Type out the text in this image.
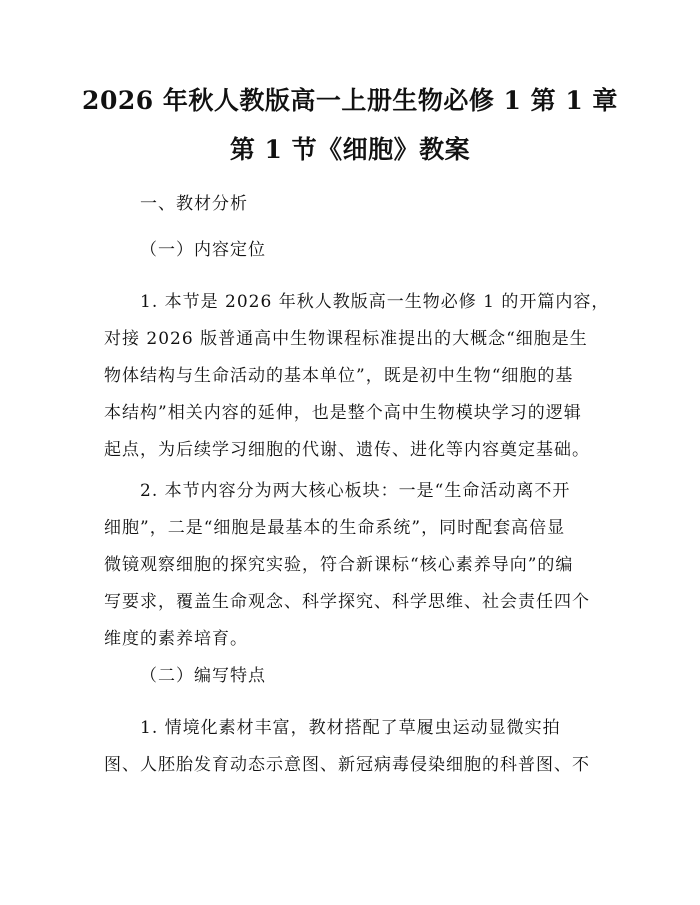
2026 年秋人教版高一上册生物必修 1 第 1 章
第 1 节《细胞》教案
一、教材分析
（一）内容定位
1. 本节是 2026 年秋人教版高一生物必修 1 的开篇内容，
对接 2026 版普通高中生物课程标准提出的大概念“细胞是生
物体结构与生命活动的基本单位”，既是初中生物“细胞的基
本结构”相关内容的延伸，也是整个高中生物模块学习的逻辑
起点，为后续学习细胞的代谢、遗传、进化等内容奠定基础。
2. 本节内容分为两大核心板块：一是“生命活动离不开
细胞”，二是“细胞是最基本的生命系统”，同时配套高倍显
微镜观察细胞的探究实验，符合新课标“核心素养导向”的编
写要求，覆盖生命观念、科学探究、科学思维、社会责任四个
维度的素养培育。
（二）编写特点
1. 情境化素材丰富，教材搭配了草履虫运动显微实拍
图、人胚胎发育动态示意图、新冠病毒侵染细胞的科普图、不
